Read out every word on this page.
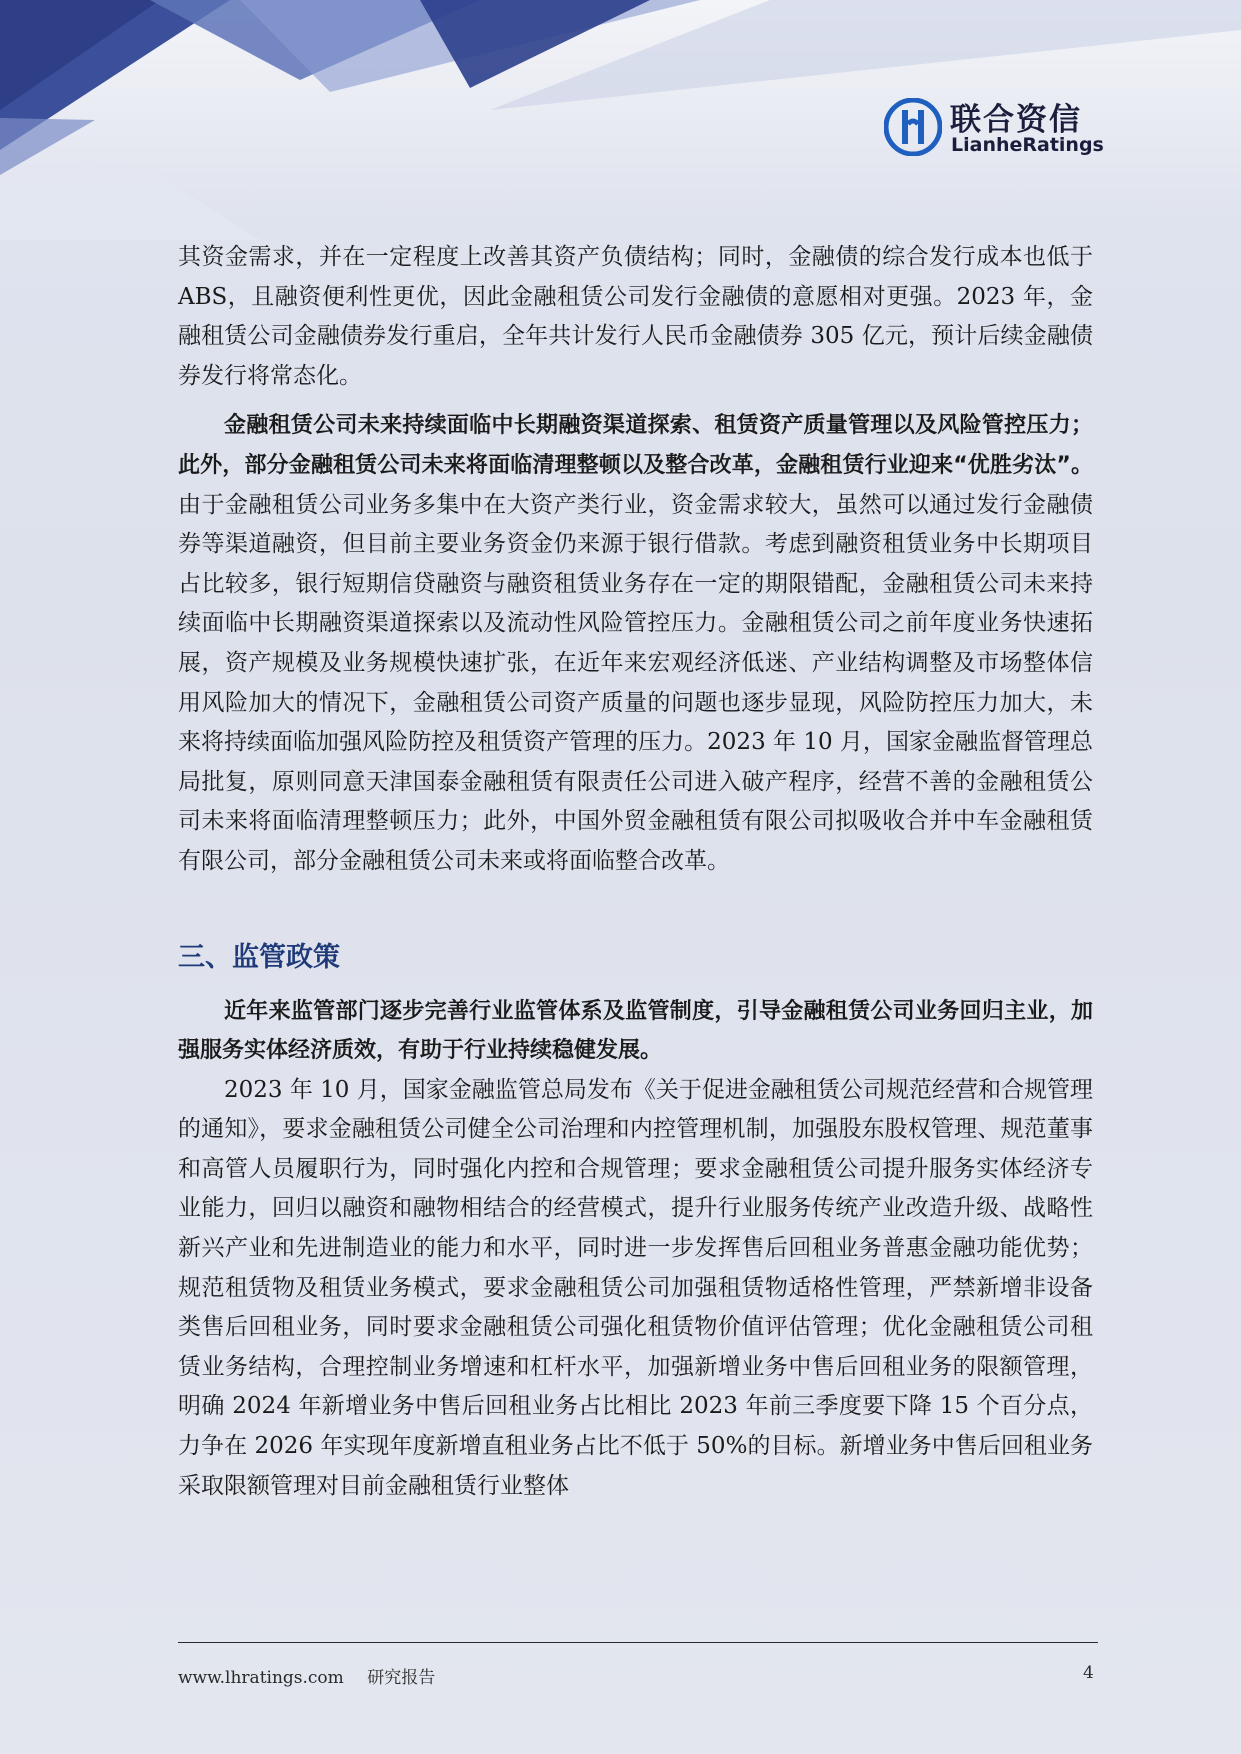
联合资信
LianheRatings

其资金需求，并在一定程度上改善其资产负债结构；同时，金融债的综合发行成本也低于 ABS，且融资便利性更优，因此金融租赁公司发行金融债的意愿相对更强。2023 年，金融租赁公司金融债券发行重启，全年共计发行人民币金融债券 305 亿元，预计后续金融债券发行将常态化。

金融租赁公司未来持续面临中长期融资渠道探索、租赁资产质量管理以及风险管控压力；此外，部分金融租赁公司未来将面临清理整顿以及整合改革，金融租赁行业迎来“优胜劣汰”。由于金融租赁公司业务多集中在大资产类行业，资金需求较大，虽然可以通过发行金融债券等渠道融资，但目前主要业务资金仍来源于银行借款。考虑到融资租赁业务中长期项目占比较多，银行短期信贷融资与融资租赁业务存在一定的期限错配，金融租赁公司未来持续面临中长期融资渠道探索以及流动性风险管控压力。金融租赁公司之前年度业务快速拓展，资产规模及业务规模快速扩张，在近年来宏观经济低迷、产业结构调整及市场整体信用风险加大的情况下，金融租赁公司资产质量的问题也逐步显现，风险防控压力加大，未来将持续面临加强风险防控及租赁资产管理的压力。2023 年 10 月，国家金融监督管理总局批复，原则同意天津国泰金融租赁有限责任公司进入破产程序，经营不善的金融租赁公司未来将面临清理整顿压力；此外，中国外贸金融租赁有限公司拟吸收合并中车金融租赁有限公司，部分金融租赁公司未来或将面临整合改革。

三、监管政策

近年来监管部门逐步完善行业监管体系及监管制度，引导金融租赁公司业务回归主业，加强服务实体经济质效，有助于行业持续稳健发展。

2023 年 10 月，国家金融监管总局发布《关于促进金融租赁公司规范经营和合规管理的通知》，要求金融租赁公司健全公司治理和内控管理机制，加强股东股权管理、规范董事和高管人员履职行为，同时强化内控和合规管理；要求金融租赁公司提升服务实体经济专业能力，回归以融资和融物相结合的经营模式，提升行业服务传统产业改造升级、战略性新兴产业和先进制造业的能力和水平，同时进一步发挥售后回租业务普惠金融功能优势；规范租赁物及租赁业务模式，要求金融租赁公司加强租赁物适格性管理，严禁新增非设备类售后回租业务，同时要求金融租赁公司强化租赁物价值评估管理；优化金融租赁公司租赁业务结构，合理控制业务增速和杠杆水平，加强新增业务中售后回租业务的限额管理，明确 2024 年新增业务中售后回租业务占比相比 2023 年前三季度要下降 15 个百分点，力争在 2026 年实现年度新增直租业务占比不低于 50%的目标。新增业务中售后回租业务采取限额管理对目前金融租赁行业整体

www.lhratings.com 研究报告	4
